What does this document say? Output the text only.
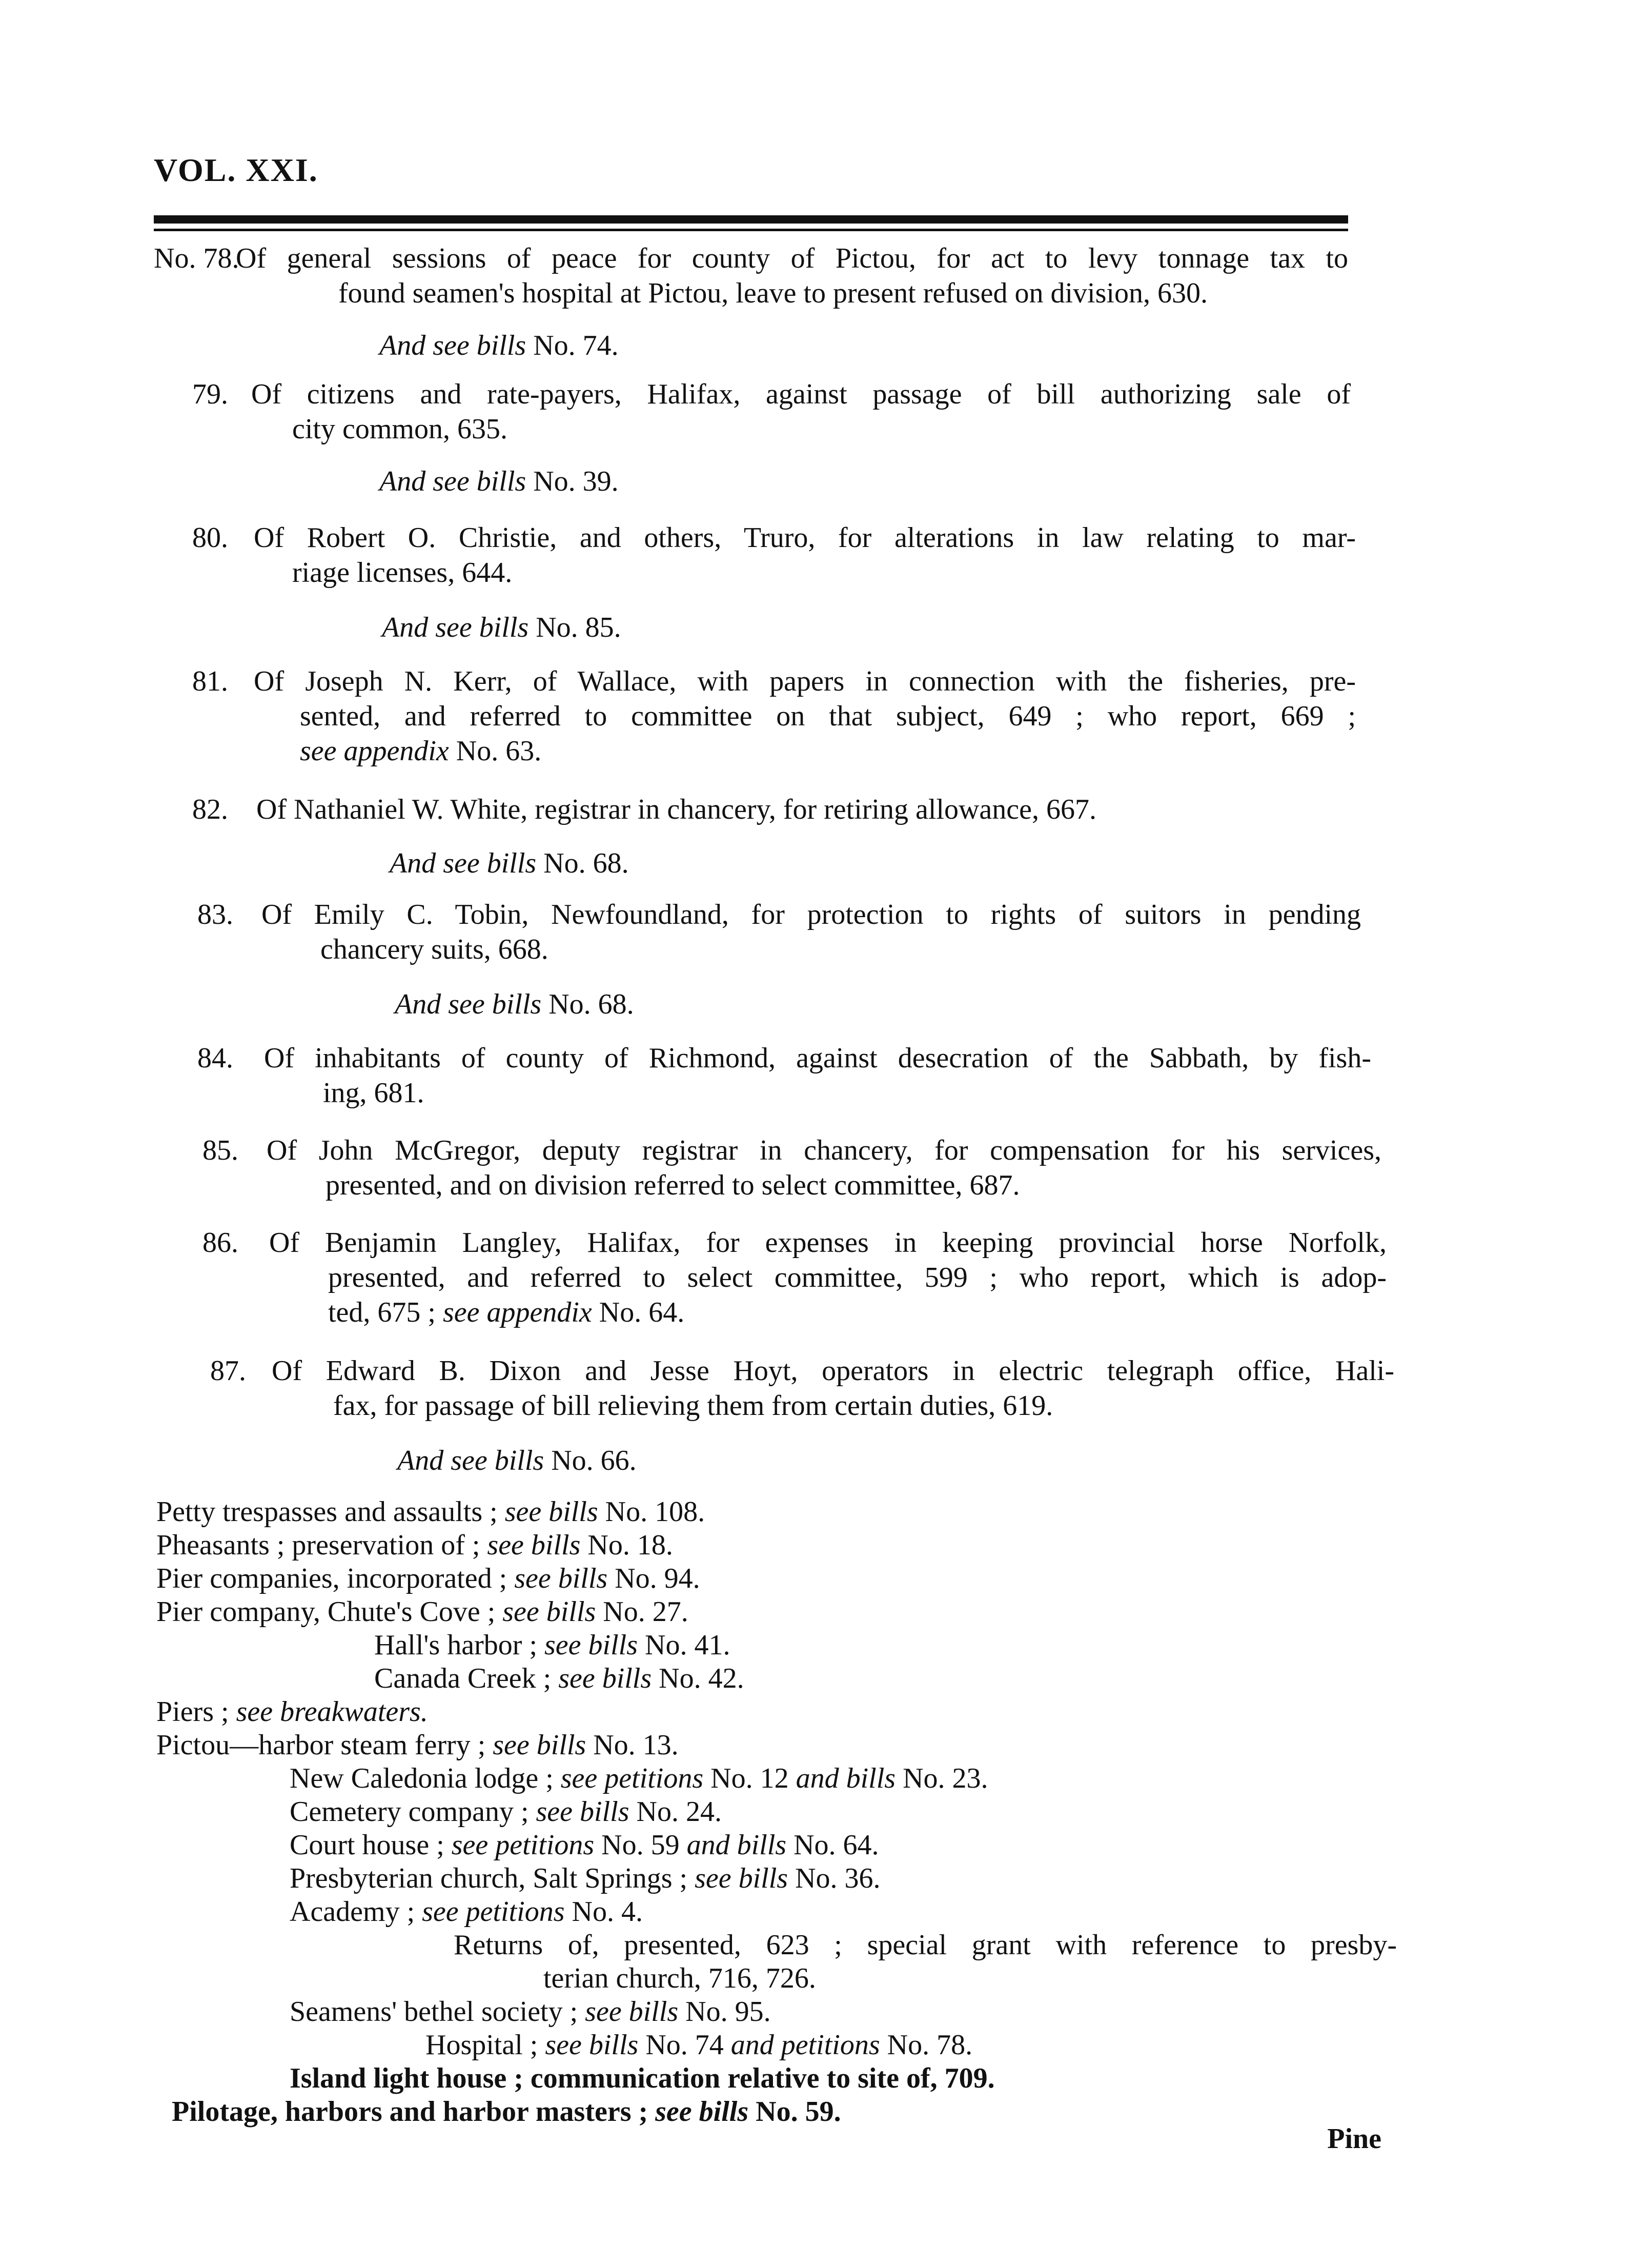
VOL. XXI.
No. 78.
Of general sessions of peace for county of Pictou, for act to levy tonnage tax to
found seamen's hospital at Pictou, leave to present refused on division, 630.
And see bills No. 74.
79. Of citizens and rate-payers, Halifax, against passage of bill authorizing sale of
city common, 635.
And see bills No. 39.
80. Of Robert O. Christie, and others, Truro, for alterations in law relating to mar-
riage licenses, 644.
And see bills No. 85.
81. Of Joseph N. Kerr, of Wallace, with papers in connection with the fisheries, pre-
sented, and referred to committee on that subject, 649 ; who report, 669 ;
see appendix No. 63.
82. Of Nathaniel W. White, registrar in chancery, for retiring allowance, 667.
And see bills No. 68.
83. Of Emily C. Tobin, Newfoundland, for protection to rights of suitors in pending
chancery suits, 668.
And see bills No. 68.
84. Of inhabitants of county of Richmond, against desecration of the Sabbath, by fish-
ing, 681.
85. Of John McGregor, deputy registrar in chancery, for compensation for his services,
presented, and on division referred to select committee, 687.
86. Of Benjamin Langley, Halifax, for expenses in keeping provincial horse Norfolk,
presented, and referred to select committee, 599 ; who report, which is adop-
ted, 675 ; see appendix No. 64.
87. Of Edward B. Dixon and Jesse Hoyt, operators in electric telegraph office, Hali-
fax, for passage of bill relieving them from certain duties, 619.
And see bills No. 66.
Petty trespasses and assaults ; see bills No. 108.
Pheasants ; preservation of ; see bills No. 18.
Pier companies, incorporated ; see bills No. 94.
Pier company, Chute's Cove ; see bills No. 27.
Hall's harbor ; see bills No. 41.
Canada Creek ; see bills No. 42.
Piers ; see breakwaters.
Pictou—harbor steam ferry ; see bills No. 13.
New Caledonia lodge ; see petitions No. 12 and bills No. 23.
Cemetery company ; see bills No. 24.
Court house ; see petitions No. 59 and bills No. 64.
Presbyterian church, Salt Springs ; see bills No. 36.
Academy ; see petitions No. 4.
Returns of, presented, 623 ; special grant with reference to presby-
terian church, 716, 726.
Seamens' bethel society ; see bills No. 95.
Hospital ; see bills No. 74 and petitions No. 78.
Island light house ; communication relative to site of, 709.
Pilotage, harbors and harbor masters ; see bills No. 59.
Pine
